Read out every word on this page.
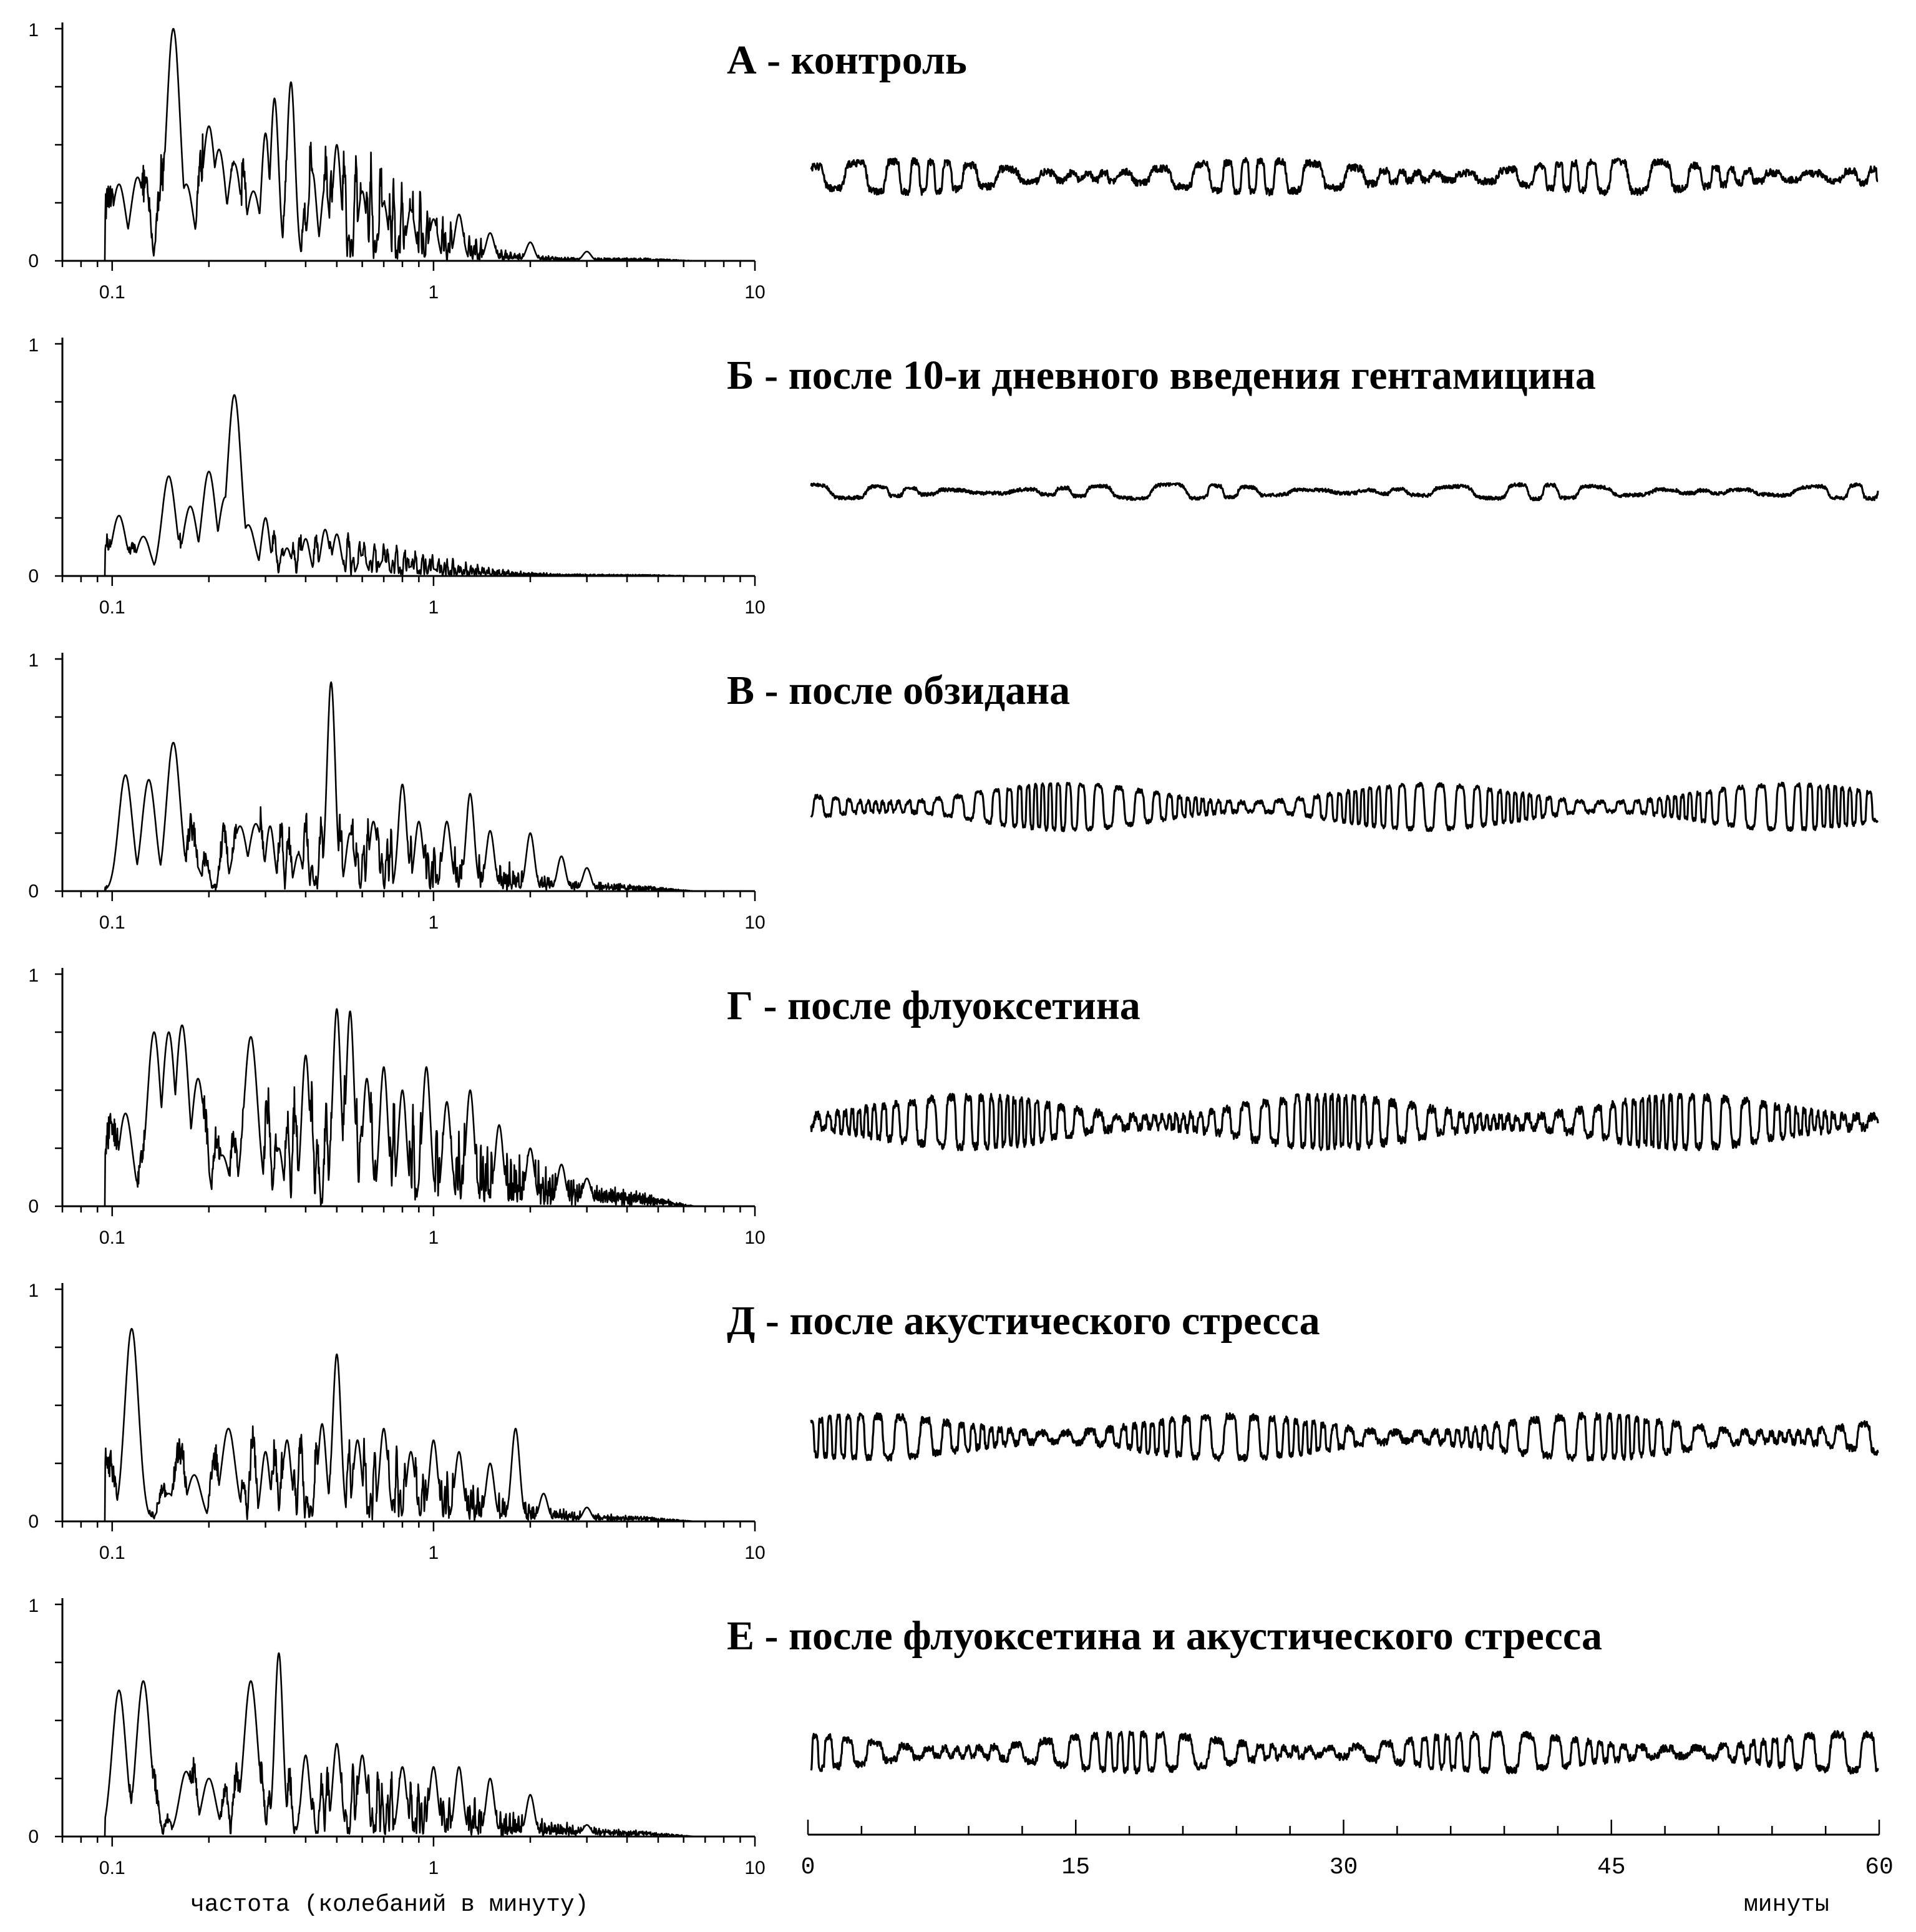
0.1	1	10
0
1
А - контроль
0.1	1	10
0
1
Б - после 10-и дневного введения гентамицина
0.1	1	10
0
1
В - после обзидана
0.1	1	10
0
1
Г - после флуоксетина
0.1	1	10
0
1
Д - после акустического стресса
0.1	1	10
0
1
Е - после флуоксетина и акустического стресса
0	15	30	45	60
минуты
частота (колебаний в минуту)
